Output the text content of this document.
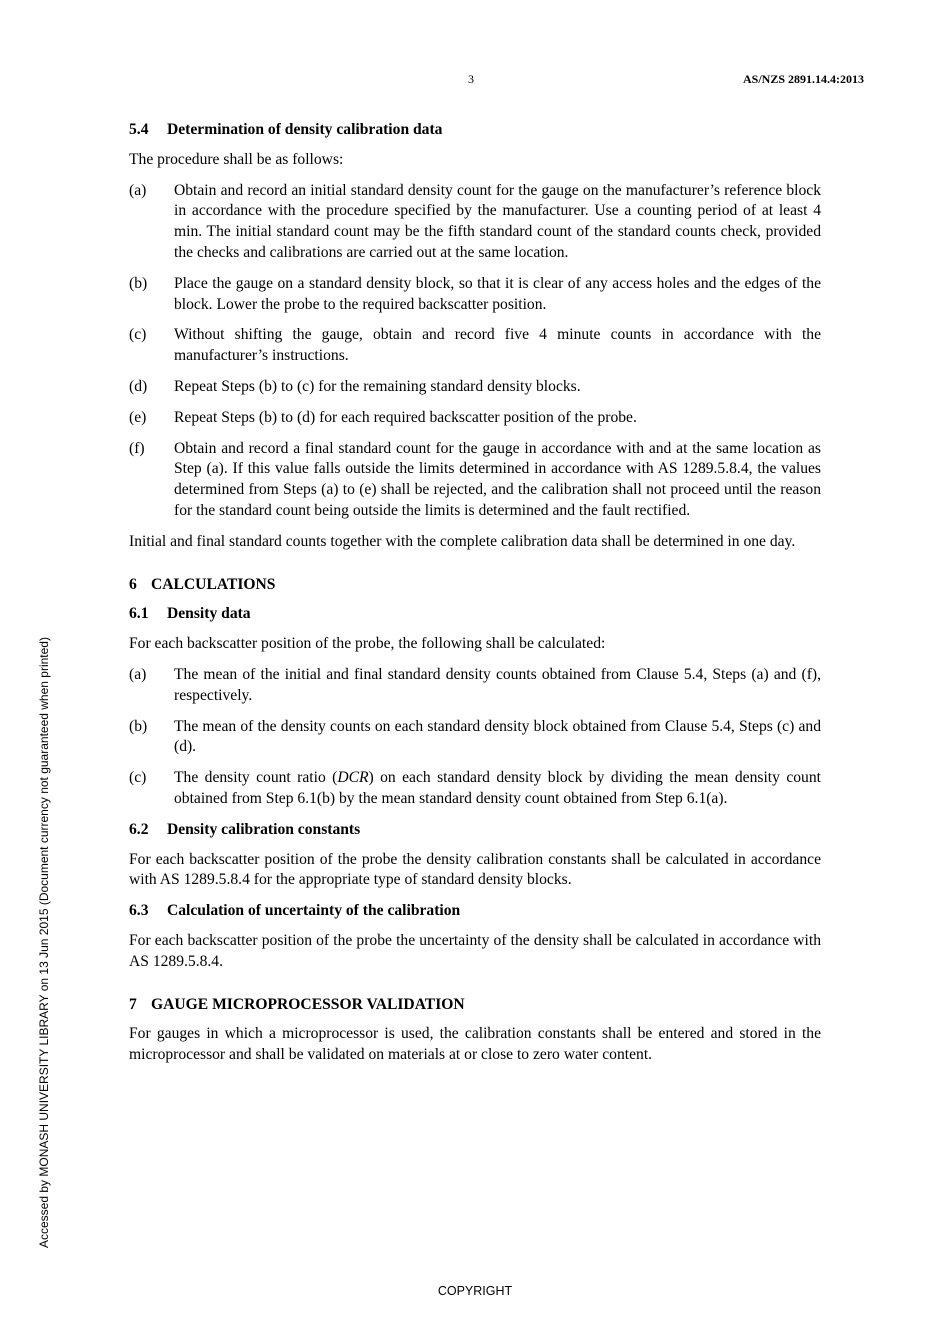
3	AS/NZS 2891.14.4:2013
5.4 Determination of density calibration data

The procedure shall be as follows:

(a)	Obtain and record an initial standard density count for the gauge on the manufacturer’s reference block in accordance with the procedure specified by the manufacturer. Use a counting period of at least 4 min. The initial standard count may be the fifth standard count of the standard counts check, provided the checks and calibrations are carried out at the same location.
(b)	Place the gauge on a standard density block, so that it is clear of any access holes and the edges of the block. Lower the probe to the required backscatter position.
(c)	Without shifting the gauge, obtain and record five 4 minute counts in accordance with the manufacturer’s instructions.
(d)	Repeat Steps (b) to (c) for the remaining standard density blocks.
(e)	Repeat Steps (b) to (d) for each required backscatter position of the probe.
(f)	Obtain and record a final standard count for the gauge in accordance with and at the same location as Step (a). If this value falls outside the limits determined in accordance with AS 1289.5.8.4, the values determined from Steps (a) to (e) shall be rejected, and the calibration shall not proceed until the reason for the standard count being outside the limits is determined and the fault rectified.

Initial and final standard counts together with the complete calibration data shall be determined in one day.

6 CALCULATIONS
6.1 Density data

For each backscatter position of the probe, the following shall be calculated:

(a)	The mean of the initial and final standard density counts obtained from Clause 5.4, Steps (a) and (f), respectively.
(b)	The mean of the density counts on each standard density block obtained from Clause 5.4, Steps (c) and (d).
(c)	The density count ratio (DCR) on each standard density block by dividing the mean density count obtained from Step 6.1(b) by the mean standard density count obtained from Step 6.1(a).
6.2 Density calibration constants

For each backscatter position of the probe the density calibration constants shall be calculated in accordance with AS 1289.5.8.4 for the appropriate type of standard density blocks.

6.3 Calculation of uncertainty of the calibration

For each backscatter position of the probe the uncertainty of the density shall be calculated in accordance with AS 1289.5.8.4.

7 GAUGE MICROPROCESSOR VALIDATION

For gauges in which a microprocessor is used, the calibration constants shall be entered and stored in the microprocessor and shall be validated on materials at or close to zero water content.

Accessed by MONASH UNIVERSITY LIBRARY on 13 Jun 2015 (Document currency not guaranteed when printed)
COPYRIGHT
